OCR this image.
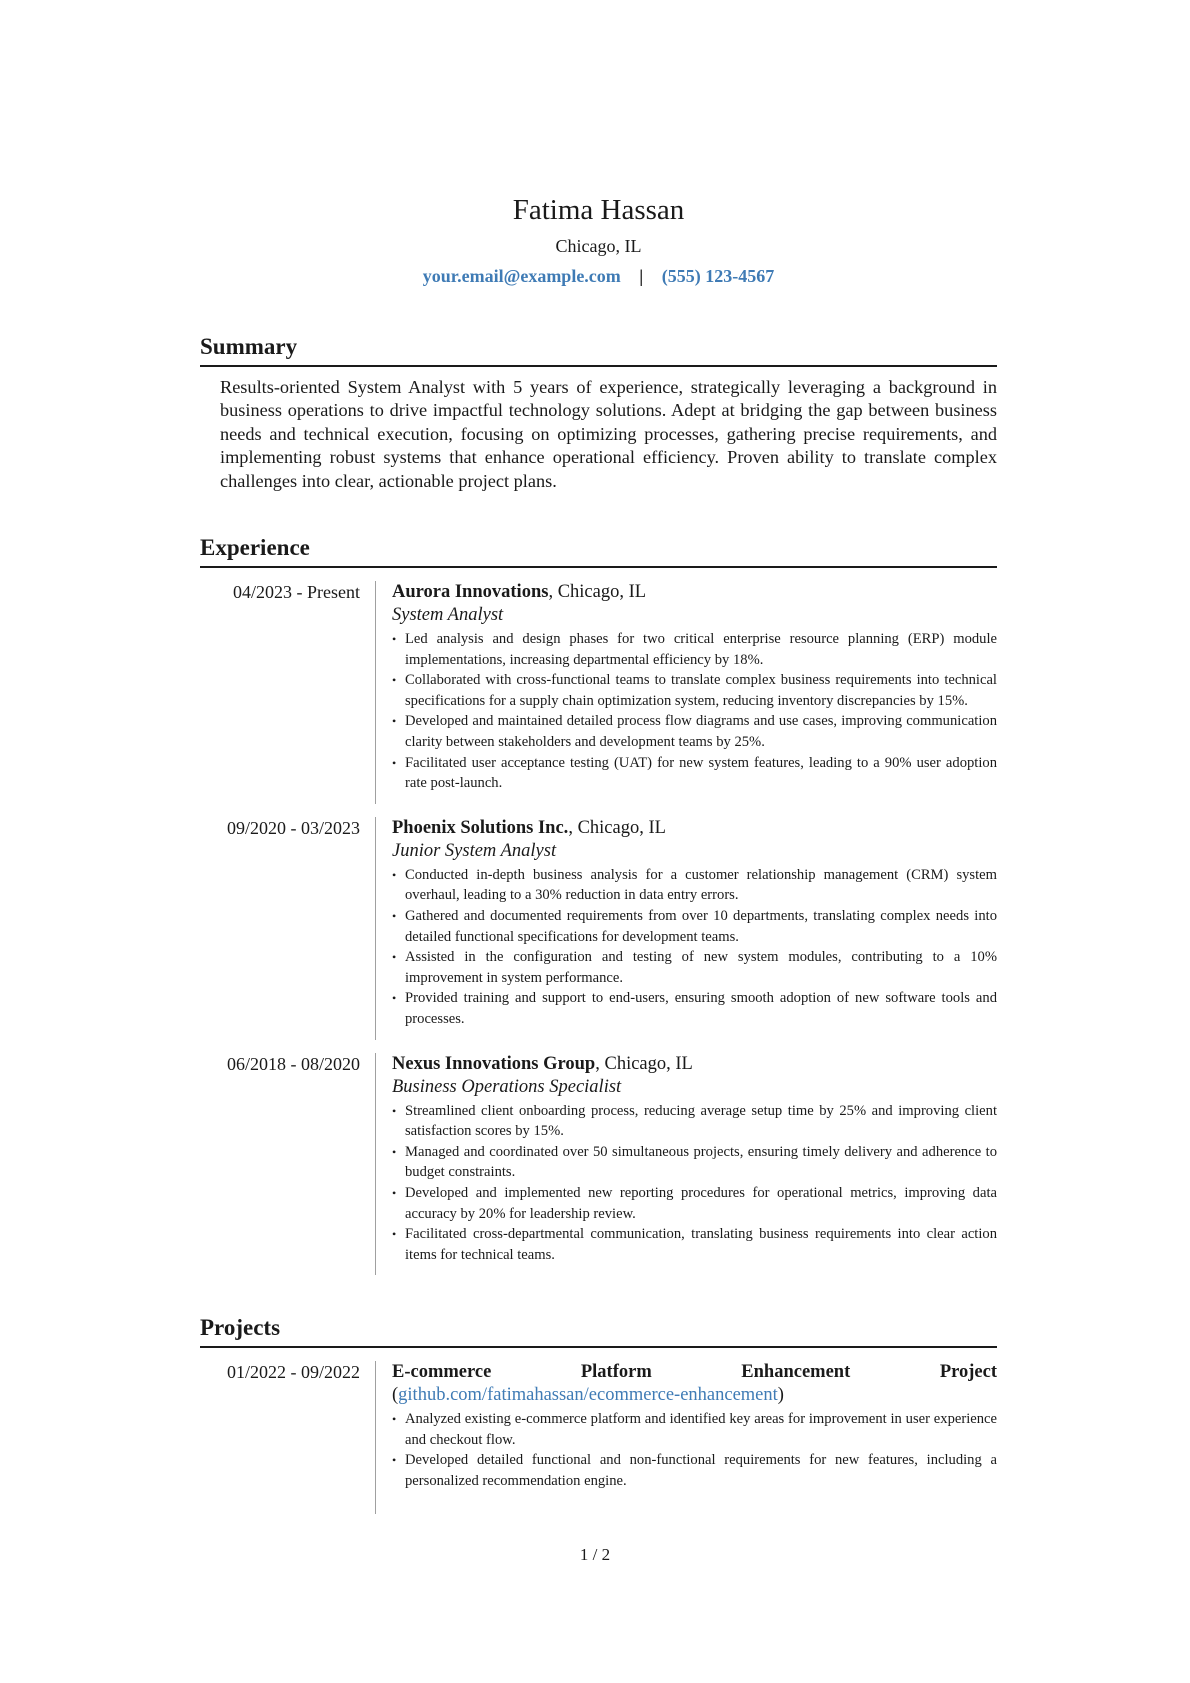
Fatima Hassan
Chicago, IL
your.email@example.com | (555) 123-4567
Summary

Results-oriented System Analyst with 5 years of experience, strategically leveraging a background in business operations to drive impactful technology solutions. Adept at bridging the gap between business needs and technical execution, focusing on optimizing processes, gathering precise requirements, and implementing robust systems that enhance operational efficiency. Proven ability to translate complex challenges into clear, actionable project plans.

Experience
04/2023 - Present	Aurora Innovations, Chicago, IL
System Analyst
• Led analysis and design phases for two critical enterprise resource planning (ERP) module implementations, increasing departmental efficiency by 18%.
• Collaborated with cross-functional teams to translate complex business requirements into technical specifications for a supply chain optimization system, reducing inventory discrepancies by 15%.
• Developed and maintained detailed process flow diagrams and use cases, improving communication clarity between stakeholders and development teams by 25%.
• Facilitated user acceptance testing (UAT) for new system features, leading to a 90% user adoption rate post-launch.
09/2020 - 03/2023	Phoenix Solutions Inc., Chicago, IL
Junior System Analyst
• Conducted in-depth business analysis for a customer relationship management (CRM) system overhaul, leading to a 30% reduction in data entry errors.
• Gathered and documented requirements from over 10 departments, translating complex needs into detailed functional specifications for development teams.
• Assisted in the configuration and testing of new system modules, contributing to a 10% improvement in system performance.
• Provided training and support to end-users, ensuring smooth adoption of new software tools and processes.
06/2018 - 08/2020	Nexus Innovations Group, Chicago, IL
Business Operations Specialist
• Streamlined client onboarding process, reducing average setup time by 25% and improving client satisfaction scores by 15%.
• Managed and coordinated over 50 simultaneous projects, ensuring timely delivery and adherence to budget constraints.
• Developed and implemented new reporting procedures for operational metrics, improving data accuracy by 20% for leadership review.
• Facilitated cross-departmental communication, translating business requirements into clear action items for technical teams.
Projects
01/2022 - 09/2022	E-commerce Platform Enhancement Project (github.com/fatimahassan/ecommerce-enhancement)
• Analyzed existing e-commerce platform and identified key areas for improvement in user experience and checkout flow.
• Developed detailed functional and non-functional requirements for new features, including a personalized recommendation engine.
1 / 2
